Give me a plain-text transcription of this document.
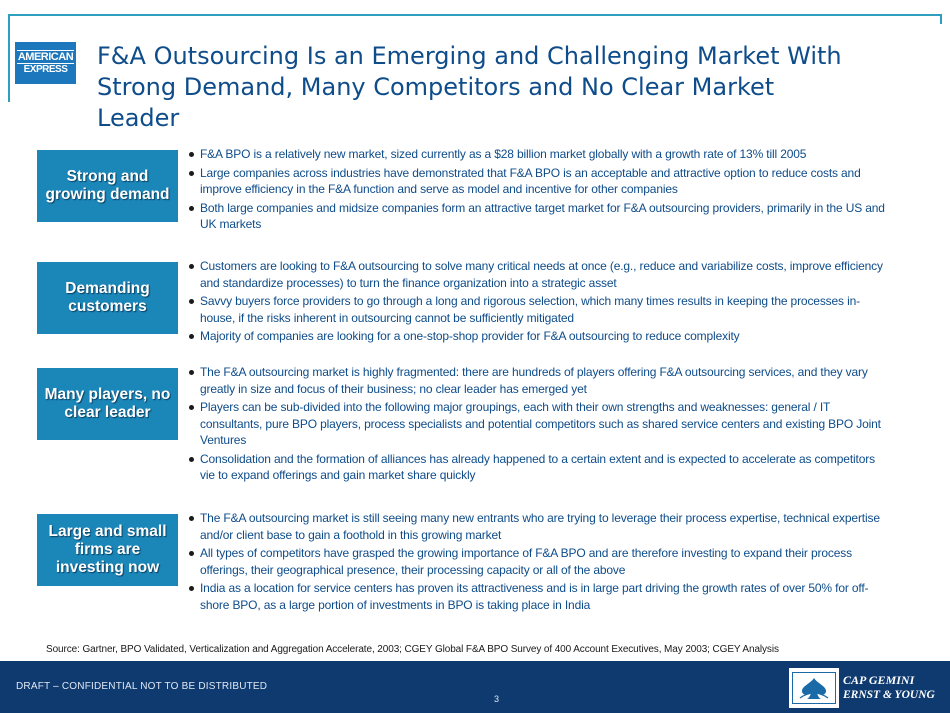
AMERICAN
EXPRESS F&A Outsourcing Is an Emerging and Challenging Market With Strong Demand, Many Competitors and No Clear Market Leader
Strong and growing demand
F&A BPO is a relatively new market, sized currently as a $28 billion market globally with a growth rate of 13% till 2005
Large companies across industries have demonstrated that F&A BPO is an acceptable and attractive option to reduce costs and improve efficiency in the F&A function and serve as model and incentive for other companies
Both large companies and midsize companies form an attractive target market for F&A outsourcing providers, primarily in the US and UK markets
Demanding customers
Customers are looking to F&A outsourcing to solve many critical needs at once (e.g., reduce and variabilize costs, improve efficiency and standardize processes) to turn the finance organization into a strategic asset
Savvy buyers force providers to go through a long and rigorous selection, which many times results in keeping the processes in-house, if the risks inherent in outsourcing cannot be sufficiently mitigated
Majority of companies are looking for a one-stop-shop provider for F&A outsourcing to reduce complexity
Many players, no clear leader
The F&A outsourcing market is highly fragmented: there are hundreds of players offering F&A outsourcing services, and they vary greatly in size and focus of their business; no clear leader has emerged yet
Players can be sub-divided into the following major groupings, each with their own strengths and weaknesses: general / IT consultants, pure BPO players, process specialists and potential competitors such as shared service centers and existing BPO Joint Ventures
Consolidation and the formation of alliances has already happened to a certain extent and is expected to accelerate as competitors vie to expand offerings and gain market share quickly
Large and small firms are investing now
The F&A outsourcing market is still seeing many new entrants who are trying to leverage their process expertise, technical expertise and/or client base to gain a foothold in this growing market
All types of competitors have grasped the growing importance of F&A BPO and are therefore investing to expand their process offerings, their geographical presence, their processing capacity or all of the above
India as a location for service centers has proven its attractiveness and is in large part driving the growth rates of over 50% for off-shore BPO, as a large portion of investments in BPO is taking place in India
Source: Gartner, BPO Validated, Verticalization and Aggregation Accelerate, 2003; CGEY Global F&A BPO Survey of 400 Account Executives, May 2003; CGEY Analysis
DRAFT – CONFIDENTIAL NOT TO BE DISTRIBUTED
3
CAP GEMINI
ERNST & YOUNG
